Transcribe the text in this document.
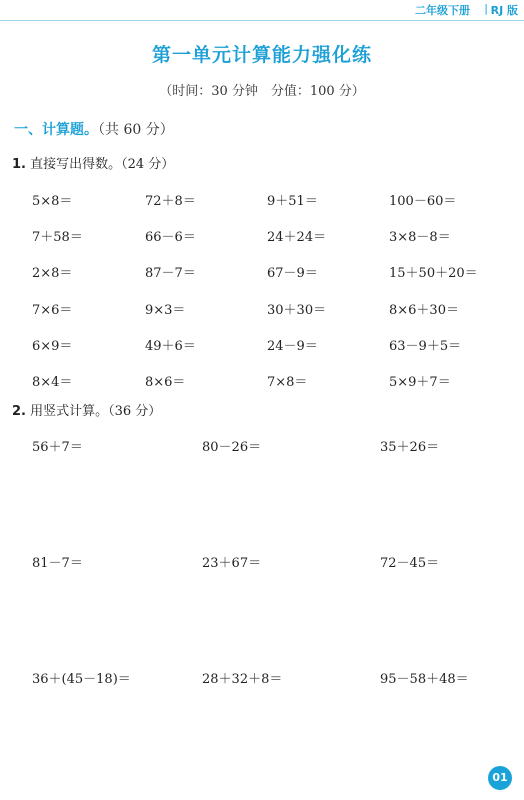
二年级下册 | RJ 版
第一单元计算能力强化练
（时间：30 分钟　分值：100 分）
一、计算题。（共 60 分）
1. 直接写出得数。（24 分）
5×8＝	72＋8＝	9＋51＝	100－60＝
7＋58＝	66－6＝	24＋24＝	3×8－8＝
2×8＝	87－7＝	67－9＝	15＋50＋20＝
7×6＝	9×3＝	30＋30＝	8×6＋30＝
6×9＝	49＋6＝	24－9＝	63－9＋5＝
8×4＝	8×6＝	7×8＝	5×9＋7＝
2. 用竖式计算。（36 分）
56＋7＝	80－26＝	35＋26＝
81－7＝	23＋67＝	72－45＝
36＋(45－18)＝	28＋32＋8＝	95－58＋48＝
01
